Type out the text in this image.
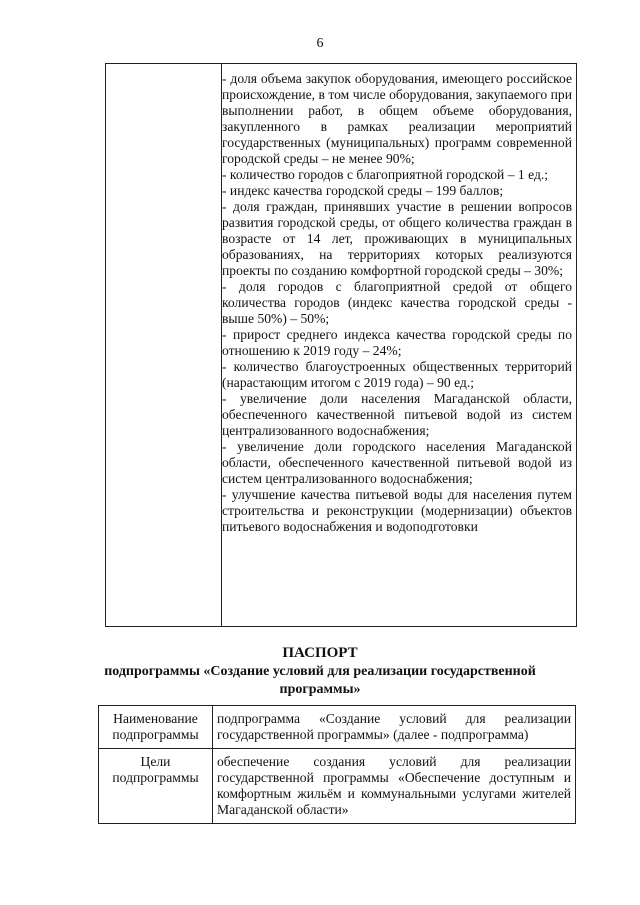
6

- доля объема закупок оборудования, имеющего российское происхождение, в том числе оборудования, закупаемого при выполнении работ, в общем объеме оборудования, закупленного в рамках реализации мероприятий государственных (муниципальных) программ современной городской среды – не менее 90%;

- количество городов с благоприятной городской – 1 ед.;

- индекс качества городской среды – 199 баллов;

- доля граждан, принявших участие в решении вопросов развития городской среды, от общего количества граждан в возрасте от 14 лет, проживающих в муниципальных образованиях, на территориях которых реализуются проекты по созданию комфортной городской среды – 30%;

- доля городов с благоприятной средой от общего количества городов (индекс качества городской среды - выше 50%) – 50%;

- прирост среднего индекса качества городской среды по отношению к 2019 году – 24%;

- количество благоустроенных общественных территорий (нарастающим итогом с 2019 года) – 90 ед.;

- увеличение доли населения Магаданской области, обеспеченного качественной питьевой водой из систем централизованного водоснабжения;

- увеличение доли городского населения Магаданской области, обеспеченного качественной питьевой водой из систем централизованного водоснабжения;

- улучшение качества питьевой воды для населения путем строительства и реконструкции (модернизации) объектов питьевого водоснабжения и водоподготовки

ПАСПОРТ
подпрограммы «Создание условий для реализации государственной программы»
Наименование подпрограммы	подпрограмма «Создание условий для реализации государственной программы» (далее - подпрограмма)
Цели подпрограммы	обеспечение создания условий для реализации государственной программы «Обеспечение доступным и комфортным жильём и коммунальными услугами жителей Магаданской области»
